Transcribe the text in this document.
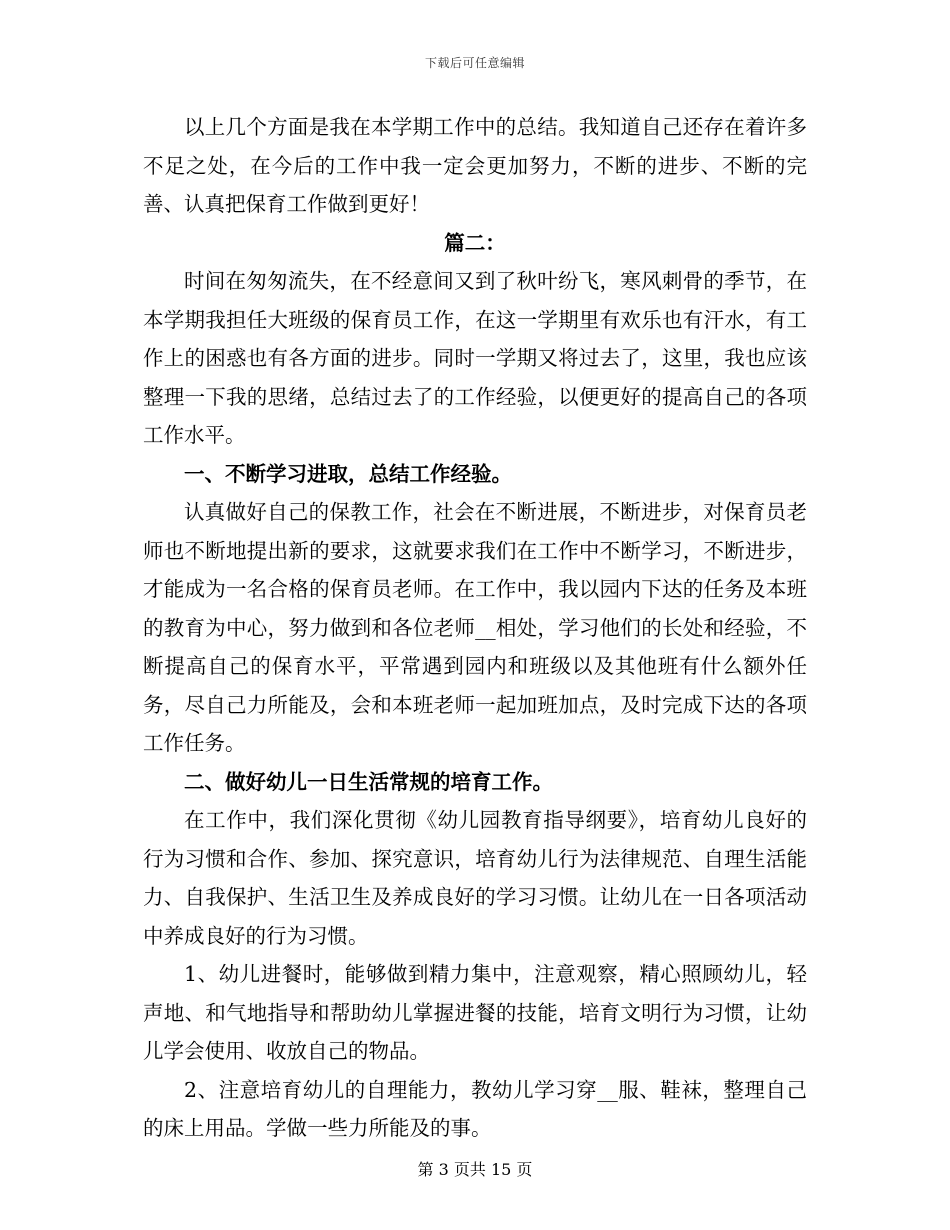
下载后可任意编辑

以上几个方面是我在本学期工作中的总结。我知道自己还存在着许多不足之处，在今后的工作中我一定会更加努力，不断的进步、不断的完善、认真把保育工作做到更好！

篇二：

时间在匆匆流失，在不经意间又到了秋叶纷飞，寒风刺骨的季节，在本学期我担任大班级的保育员工作，在这一学期里有欢乐也有汗水，有工作上的困惑也有各方面的进步。同时一学期又将过去了，这里，我也应该整理一下我的思绪，总结过去了的工作经验，以便更好的提高自己的各项工作水平。

一、不断学习进取，总结工作经验。

认真做好自己的保教工作，社会在不断进展，不断进步，对保育员老师也不断地提出新的要求，这就要求我们在工作中不断学习，不断进步，才能成为一名合格的保育员老师。在工作中，我以园内下达的任务及本班的教育为中心，努力做到和各位老师__相处，学习他们的长处和经验，不断提高自己的保育水平，平常遇到园内和班级以及其他班有什么额外任务，尽自己力所能及，会和本班老师一起加班加点，及时完成下达的各项工作任务。

二、做好幼儿一日生活常规的培育工作。

在工作中，我们深化贯彻《幼儿园教育指导纲要》，培育幼儿良好的行为习惯和合作、参加、探究意识，培育幼儿行为法律规范、自理生活能力、自我保护、生活卫生及养成良好的学习习惯。让幼儿在一日各项活动中养成良好的行为习惯。

1、幼儿进餐时，能够做到精力集中，注意观察，精心照顾幼儿，轻声地、和气地指导和帮助幼儿掌握进餐的技能，培育文明行为习惯，让幼儿学会使用、收放自己的物品。

2、注意培育幼儿的自理能力，教幼儿学习穿__服、鞋袜，整理自己的床上用品。学做一些力所能及的事。

第 3 页共 15 页
